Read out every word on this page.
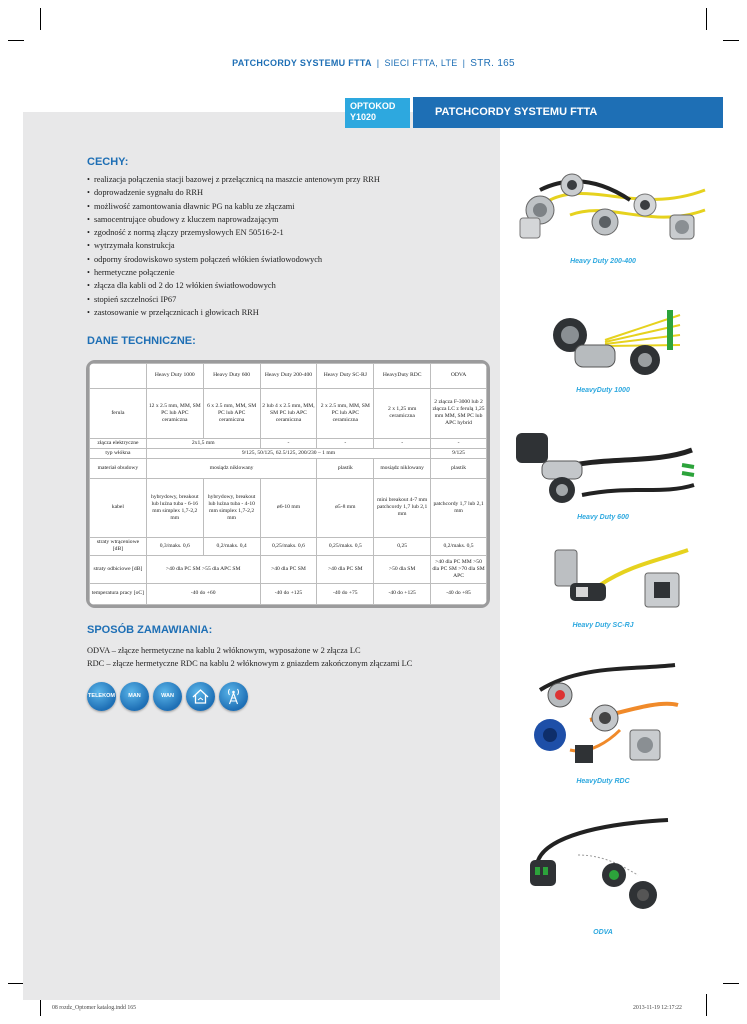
PATCHCORDY SYSTEMU FTTA | SIECI FTTA, LTE | STR. 165
OPTOKOD
Y1020	PATCHCORDY SYSTEMU FTTA
CECHY:
• realizacja połączenia stacji bazowej z przełącznicą na maszcie antenowym przy RRH
• doprowadzenie sygnału do RRH
• możliwość zamontowania dławnic PG na kablu ze złączami
• samocentrujące obudowy z kluczem naprowadzającym
• zgodność z normą złączy przemysłowych EN 50516-2-1
• wytrzymała konstrukcja
• odporny środowiskowo system połączeń włókien światłowodowych
• hermetyczne połączenie
• złącza dla kabli od 2 do 12 włókien światłowodowych
• stopień szczelności IP67
• zastosowanie w przełącznicach i głowicach RRH
DANE TECHNICZNE:
	Heavy Duty 1000	Heavy Duty 600	Heavy Duty 200-400	Heavy Duty SC-RJ	HeavyDuty RDC	ODVA
ferula	12 x 2.5 mm, MM, SM PC lub APC ceramiczna	6 x 2.5 mm, MM, SM PC lub APC ceramiczna	2 lub 4 x 2.5 mm, MM, SM PC lub APC ceramiczna	2 x 2.5 mm, MM, SM PC lub APC ceramiczna	2 x 1,25 mm ceramiczna	2 złącza F-3000 lub 2 złącza LC z ferulą 1,25 mm MM, SM PC lub APC hybrid
złącza elektryczne	2x1,5 mm		-	-	-	-
typ włókna	9/125, 50/125, 62.5/125, 200/230 – 1 mm					9/125
materiał obudowy	mosiądz niklowany			plastik	mosiądz niklowany	plastik
kabel	hybrydowy, breakout lub luźna tuba - 6-16 mm simplex 1,7-2,2 mm	hybrydowy, breakout lub luźna tuba - 4-10 mm simplex 1,7-2,2 mm	ø6-10 mm	ø5-8 mm	mini breakout 4-7 mm patchcordy 1,7 lub 2,1 mm	patchcordy 1,7 lub 2,1 mm
straty wtrąceniowe [dB]	0,3/maks. 0,6	0,2/maks. 0,4	0,25/maks. 0,6	0,25/maks. 0,5	0,25	0,2/maks. 0,5
straty odbiciowe [dB]	>40 dla PC SM >55 dla APC SM		>40 dla PC SM	>40 dla PC SM	>50 dla SM	>40 dla PC MM >50 dla PC SM >70 dla SM APC
temperatura pracy [oC]	-40 do +60		-40 do +125	-40 do +75	-40 do +125	-40 do +85
SPOSÓB ZAMAWIANIA:
ODVA – złącze hermetyczne na kablu 2 włóknowym, wyposażone w 2 złącza LC
RDC – złącze hermetyczne RDC na kablu 2 włóknowym z gniazdem zakończonym złączami LC
TELEKOM	MAN	WAN
Heavy Duty 200-400
HeavyDuty 1000
Heavy Duty 600
Heavy Duty SC-RJ
HeavyDuty RDC
ODVA
08 rozdz_Optomer katalog.indd 165	2013-11-19 12:17:22
